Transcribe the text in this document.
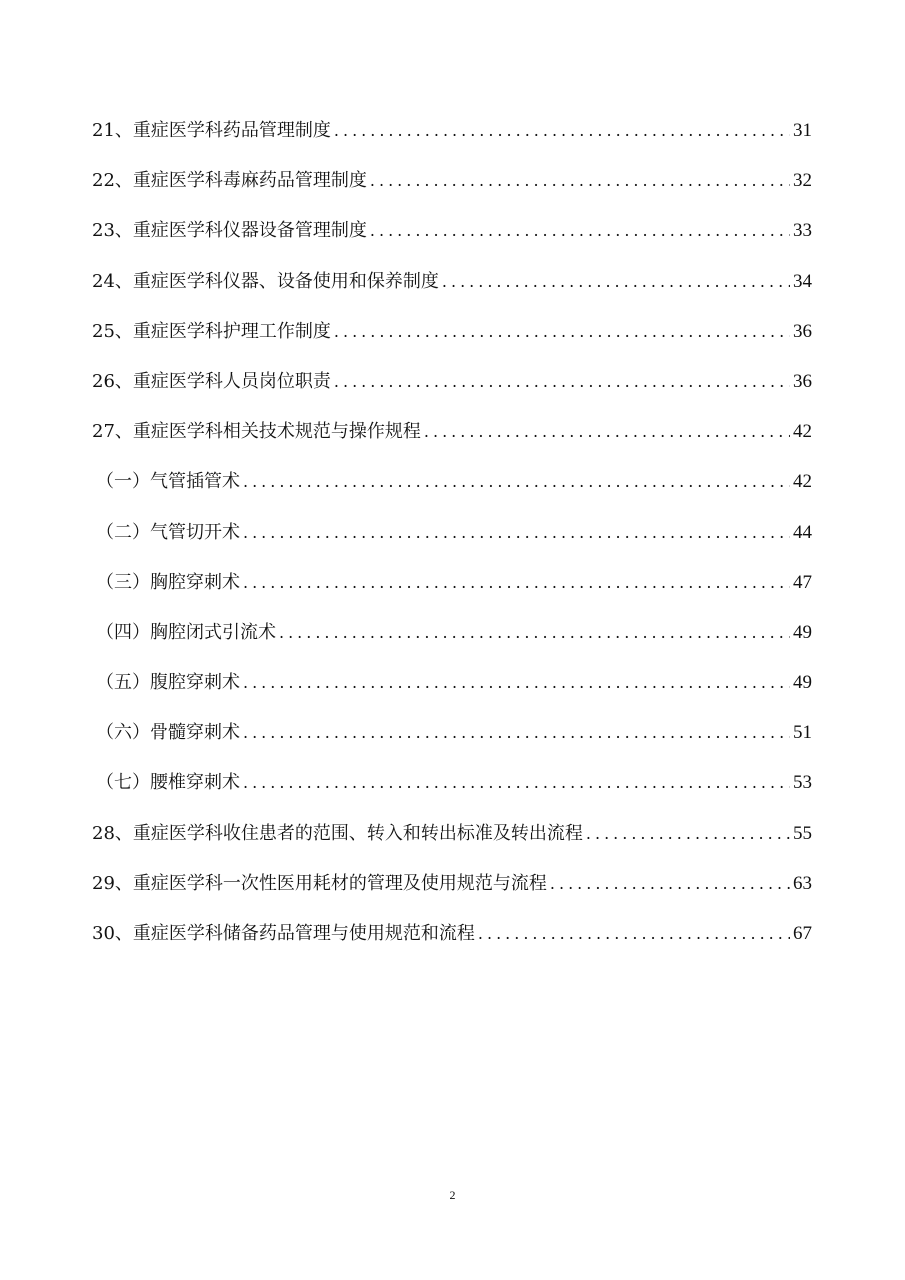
21、重症医学科药品管理制度 .....	31
22、重症医学科毒麻药品管理制度 .....	32
23、重症医学科仪器设备管理制度 .....	33
24、重症医学科仪器、设备使用和保养制度 .....	34
25、重症医学科护理工作制度 .....	36
26、重症医学科人员岗位职责 .....	36
27、重症医学科相关技术规范与操作规程 .....	42
（一）气管插管术 .....	42
（二）气管切开术 .....	44
（三）胸腔穿刺术 .....	47
（四）胸腔闭式引流术 .....	49
（五）腹腔穿刺术 .....	49
（六）骨髓穿刺术 .....	51
（七）腰椎穿刺术 .....	53
28、重症医学科收住患者的范围、转入和转出标准及转出流程 .....	55
29、重症医学科一次性医用耗材的管理及使用规范与流程 .....	63
30、重症医学科储备药品管理与使用规范和流程 .....	67
2
